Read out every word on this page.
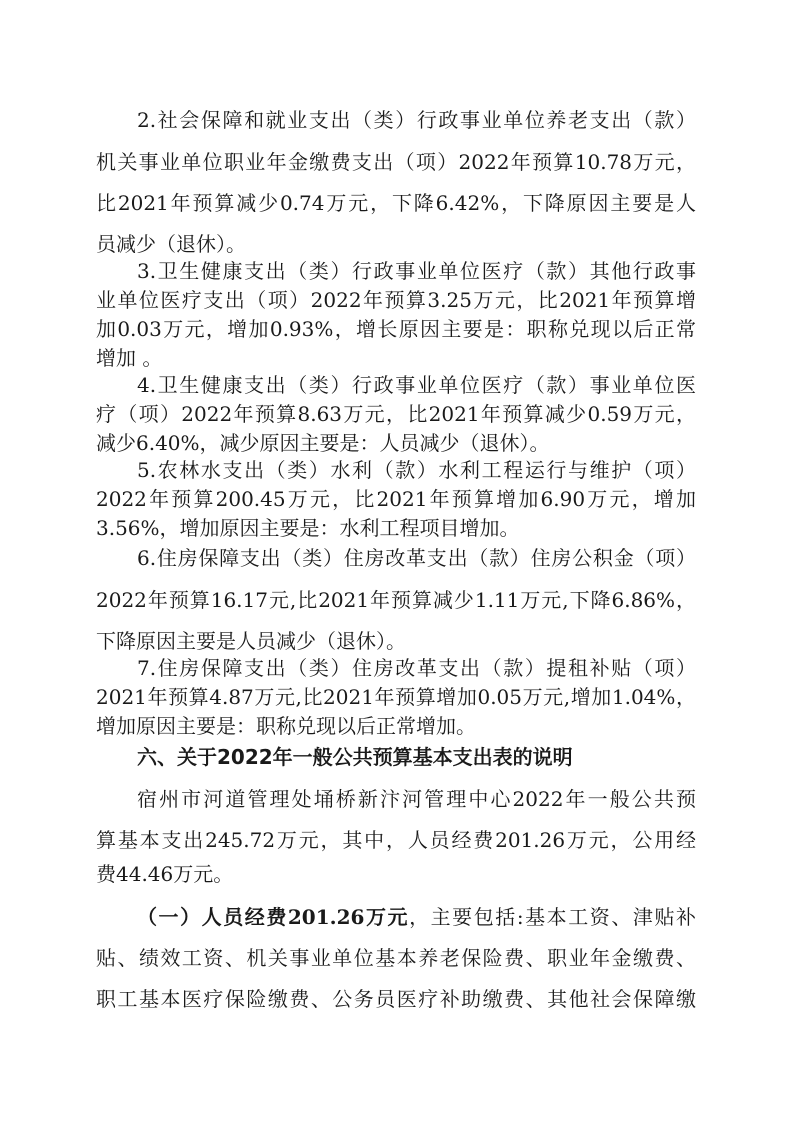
2.社会保障和就业支出（类）行政事业单位养老支出（款）
机关事业单位职业年金缴费支出（项）2022年预算10.78万元，
比2021年预算减少0.74万元，下降6.42%，下降原因主要是人
员减少（退休）。
3.卫生健康支出（类）行政事业单位医疗（款）其他行政事
业单位医疗支出（项）2022年预算3.25万元，比2021年预算增
加0.03万元，增加0.93%，增长原因主要是：职称兑现以后正常
增加 。
4.卫生健康支出（类）行政事业单位医疗（款）事业单位医
疗（项）2022年预算8.63万元，比2021年预算减少0.59万元，
减少6.40%，减少原因主要是：人员减少（退休）。
5.农林水支出（类）水利（款）水利工程运行与维护（项）
2022年预算200.45万元，比2021年预算增加6.90万元，增加
3.56%，增加原因主要是：水利工程项目增加。
6.住房保障支出（类）住房改革支出（款）住房公积金（项）
2022年预算16.17元,比2021年预算减少1.11万元,下降6.86%，
下降原因主要是人员减少（退休）。
7.住房保障支出（类）住房改革支出（款）提租补贴（项）
2021年预算4.87万元,比2021年预算增加0.05万元,增加1.04%，
增加原因主要是：职称兑现以后正常增加。
六、关于2022年一般公共预算基本支出表的说明
宿州市河道管理处埇桥新汴河管理中心2022年一般公共预
算基本支出245.72万元，其中，人员经费201.26万元，公用经
费44.46万元。
（一）人员经费201.26万元，主要包括:基本工资、津贴补
贴、绩效工资、机关事业单位基本养老保险费、职业年金缴费、
职工基本医疗保险缴费、公务员医疗补助缴费、其他社会保障缴
